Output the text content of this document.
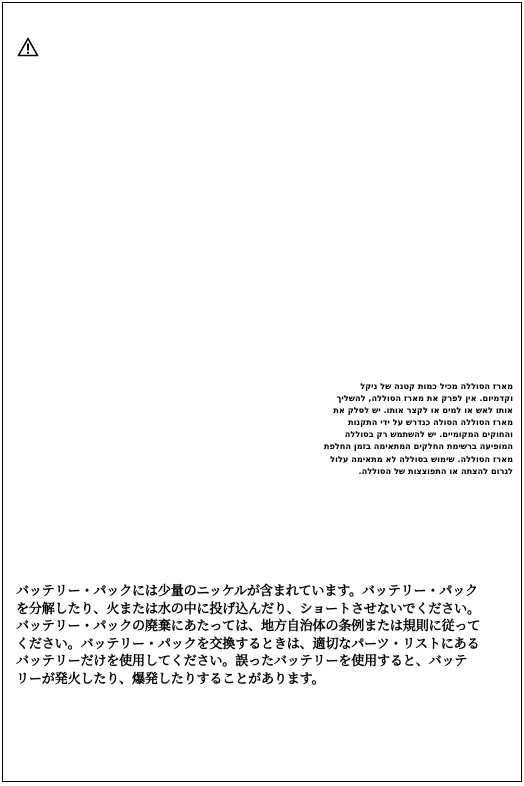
מארז הסוללה מכיל כמות קטנה של ניקל
וקדמיום. אין לפרק את מארז הסוללה, להשליך
אותו לאש או למים או לקצר אותו. יש לסלק את
מארז הסוללה הסולה כנדרש על ידי התקנות
והחוקים המקומיים. יש להשתמש רק בסוללה
המופיעה ברשימת החלקים המתאימה בזמן החלפת
מארז הסוללה. שימוש בסוללה לא מתאימה עלול
לגרום להצתה או התפוצצות של הסוללה.
バッテリー・パックには少量のニッケルが含まれています。バッテリー・パック
を分解したり、火または水の中に投げ込んだり、ショートさせないでください。
バッテリー・パックの廃棄にあたっては、地方自治体の条例または規則に従って
ください。バッテリー・パックを交換するときは、適切なパーツ・リストにある
バッテリーだけを使用してください。誤ったバッテリーを使用すると、バッテ
リーが発火したり、爆発したりすることがあります。
